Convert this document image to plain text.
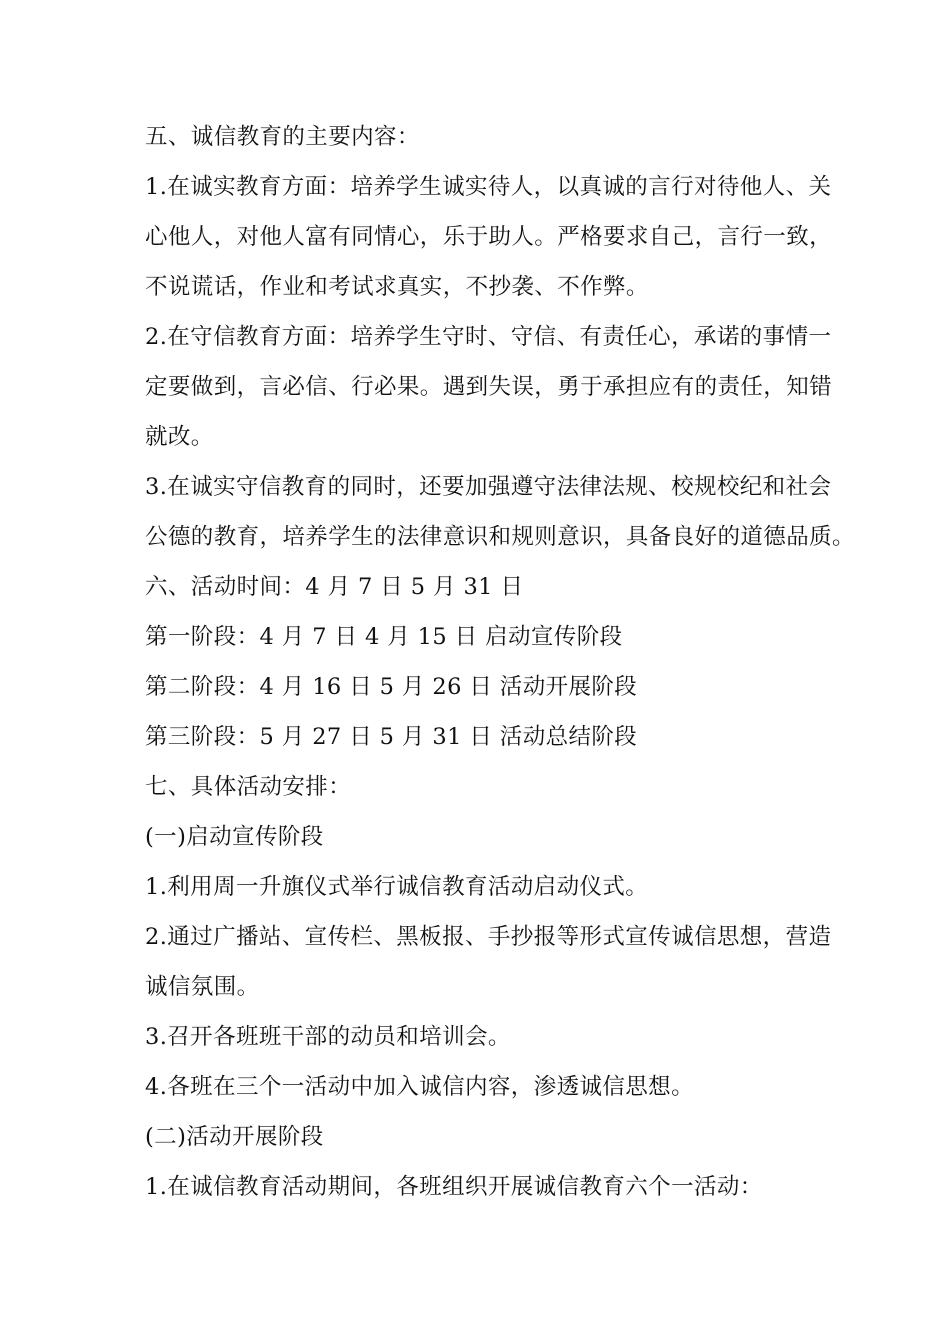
五、诚信教育的主要内容：
1.在诚实教育方面：培养学生诚实待人，以真诚的言行对待他人、关
心他人，对他人富有同情心，乐于助人。严格要求自己，言行一致，
不说谎话，作业和考试求真实，不抄袭、不作弊。
2.在守信教育方面：培养学生守时、守信、有责任心，承诺的事情一
定要做到，言必信、行必果。遇到失误，勇于承担应有的责任，知错
就改。
3.在诚实守信教育的同时，还要加强遵守法律法规、校规校纪和社会
公德的教育，培养学生的法律意识和规则意识，具备良好的道德品质。
六、活动时间：4 月 7 日 5 月 31 日
第一阶段：4 月 7 日 4 月 15 日 启动宣传阶段
第二阶段：4 月 16 日 5 月 26 日 活动开展阶段
第三阶段：5 月 27 日 5 月 31 日 活动总结阶段
七、具体活动安排：
(一)启动宣传阶段
1.利用周一升旗仪式举行诚信教育活动启动仪式。
2.通过广播站、宣传栏、黑板报、手抄报等形式宣传诚信思想，营造
诚信氛围。
3.召开各班班干部的动员和培训会。
4.各班在三个一活动中加入诚信内容，渗透诚信思想。
(二)活动开展阶段
1.在诚信教育活动期间，各班组织开展诚信教育六个一活动：
